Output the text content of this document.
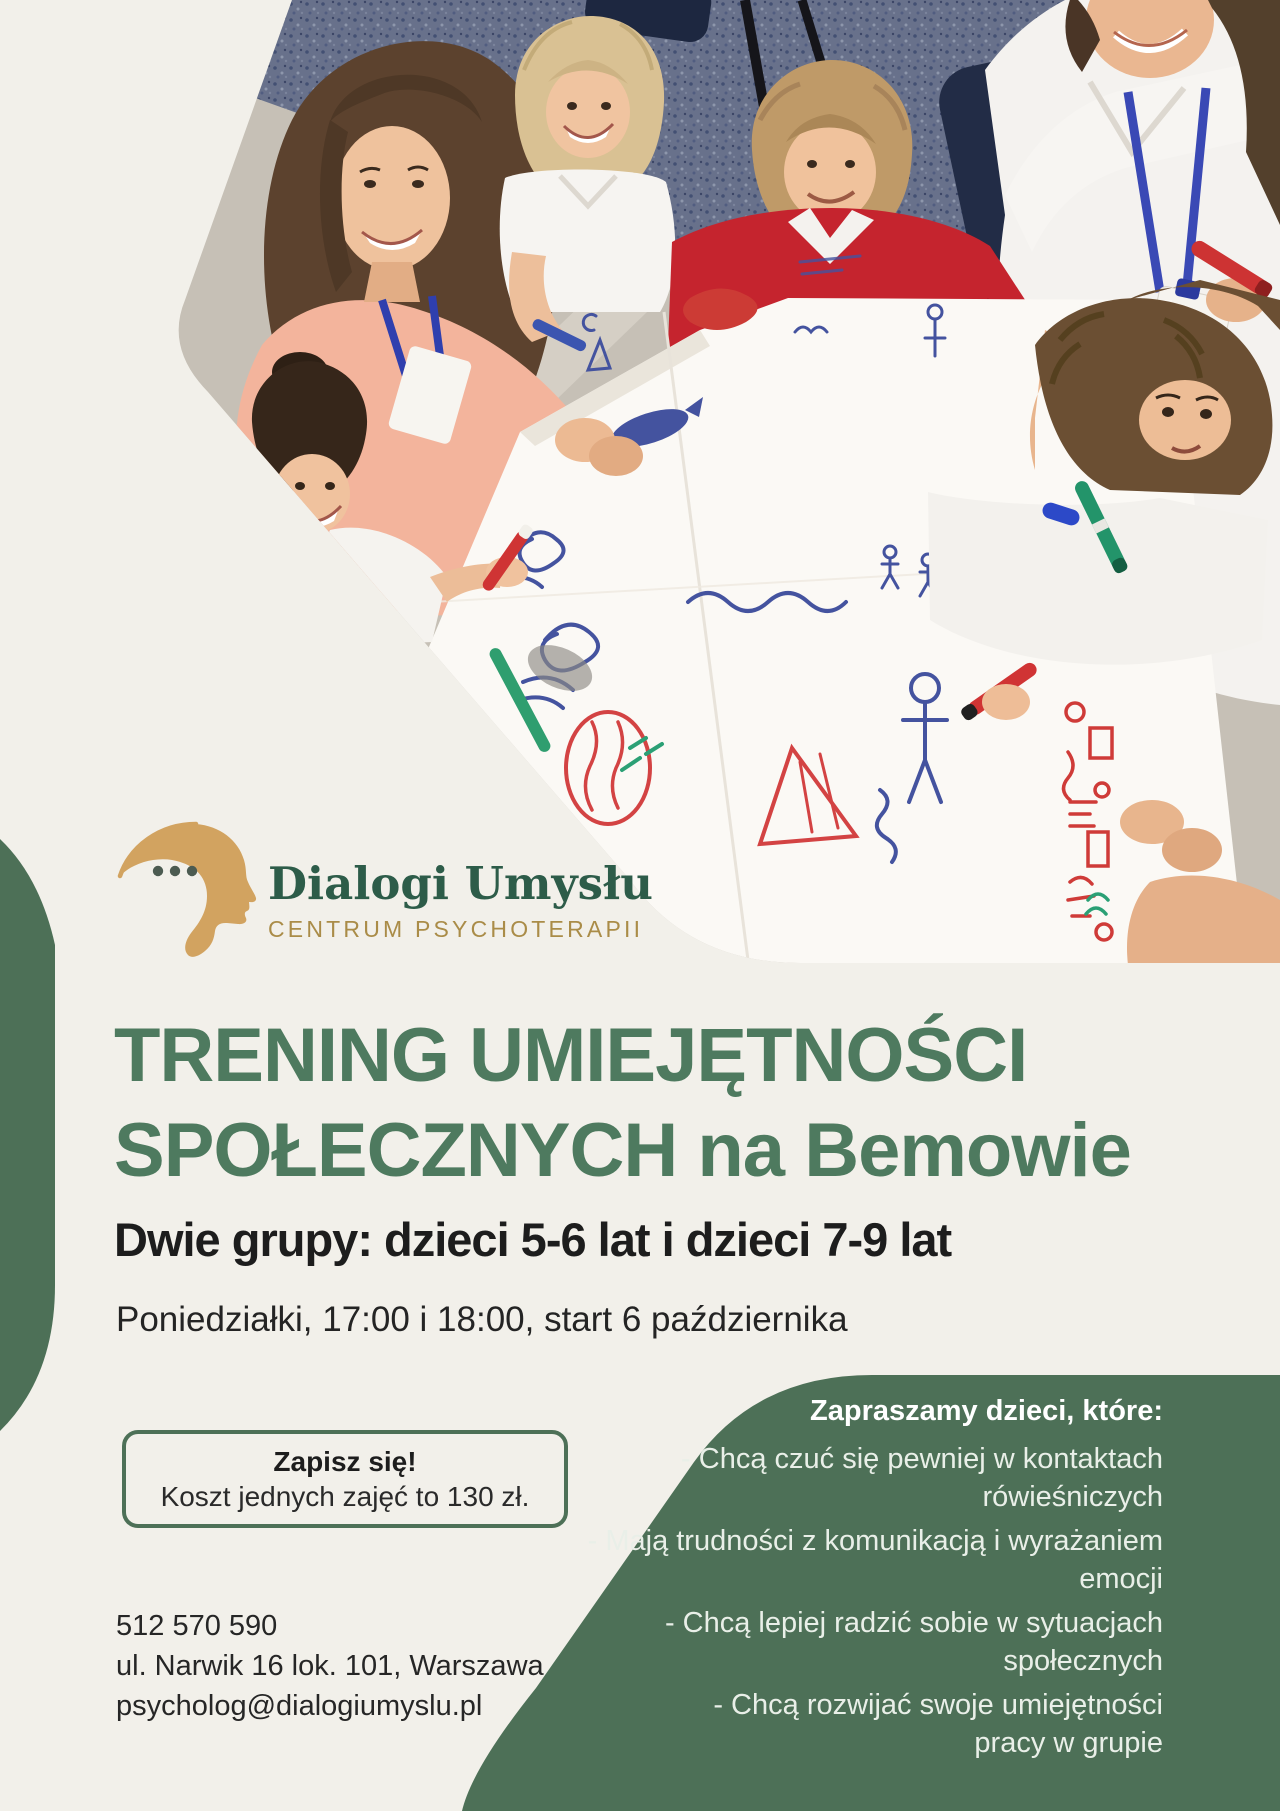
Dialogi Umysłu
CENTRUM PSYCHOTERAPII
TRENING UMIEJĘTNOŚCI
SPOŁECZNYCH na Bemowie
Dwie grupy: dzieci 5-6 lat i dzieci 7-9 lat
Poniedziałki, 17:00 i 18:00, start 6 października
Zapisz się!
Koszt jednych zajęć to 130 zł.
512 570 590
ul. Narwik 16 lok. 101, Warszawa
psycholog@dialogiumyslu.pl
Zapraszamy dzieci, które:
- Chcą czuć się pewniej w kontaktach
rówieśniczych
- Mają trudności z komunikacją i wyrażaniem
emocji
- Chcą lepiej radzić sobie w sytuacjach
społecznych
- Chcą rozwijać swoje umiejętności
pracy w grupie
